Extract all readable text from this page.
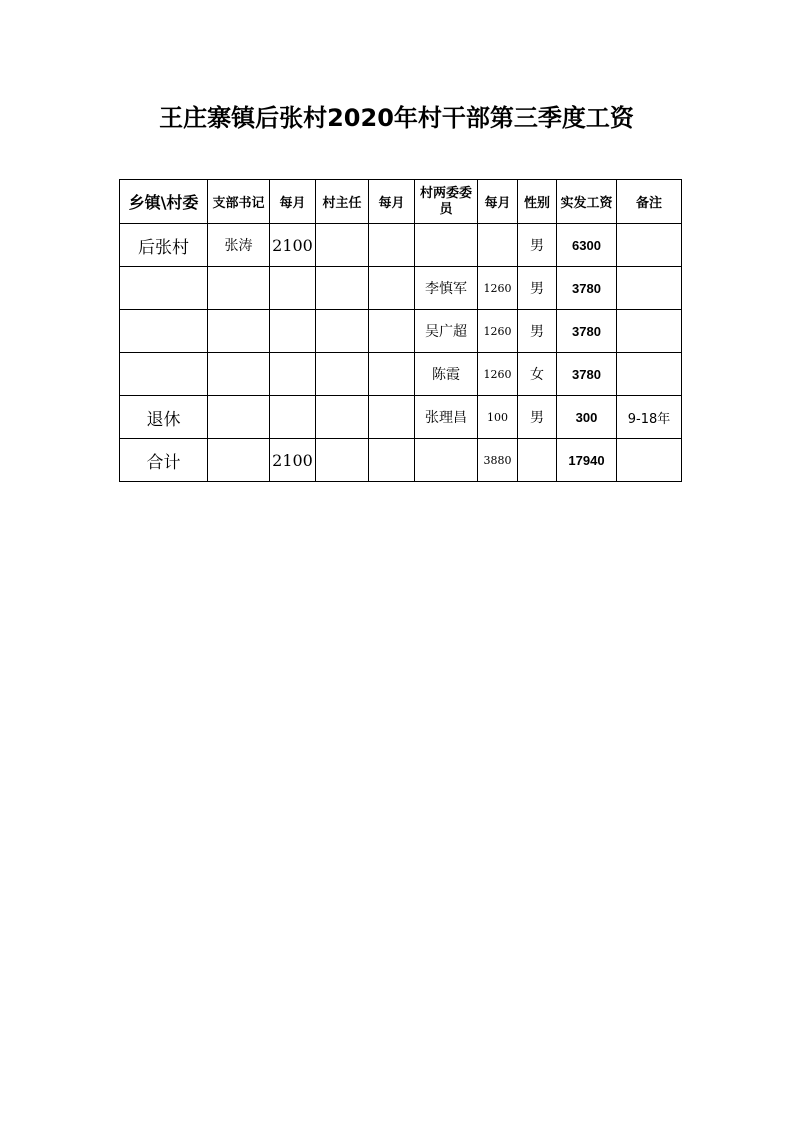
王庄寨镇后张村2020年村干部第三季度工资
乡镇\村委	支部书记	每月	村主任	每月	村两委委员	每月	性别	实发工资	备注
后张村	张涛	2100					男	6300	
					李慎军	1260	男	3780	
					吴广超	1260	男	3780	
					陈霞	1260	女	3780	
退休					张理昌	100	男	300	9-18年
合计		2100				3880		17940	
